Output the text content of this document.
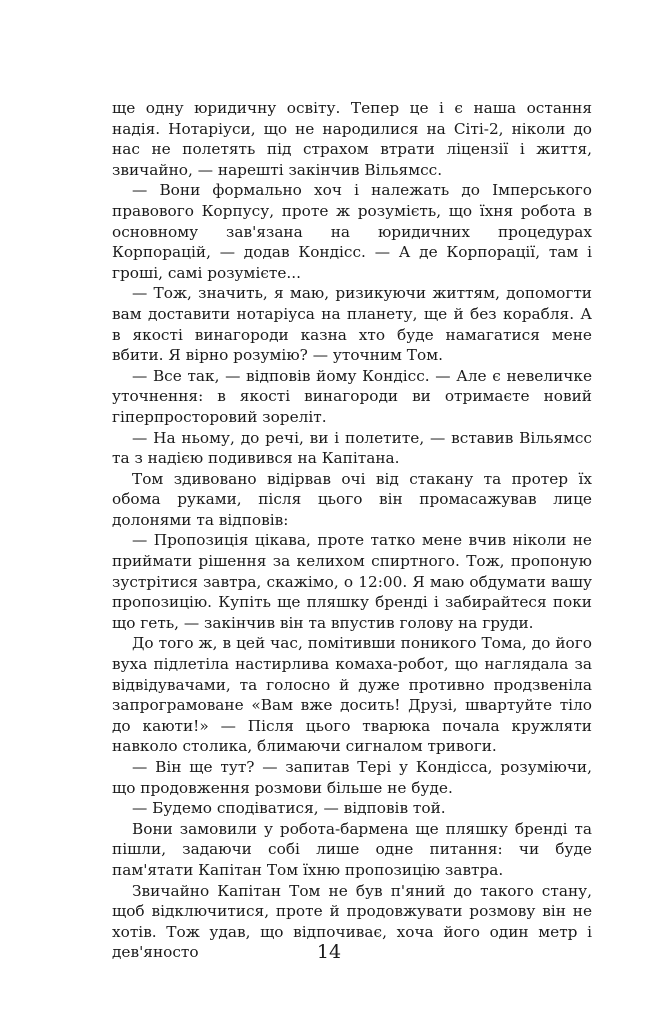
ще одну юридичну освіту. Тепер це і є наша остання надія. Нотаріуси, що не народилися на Сіті-2, ніколи до нас не полетять під страхом втрати ліцензії і життя, звичайно, — нарешті закінчив Вільямсс.

— Вони формально хоч і належать до Імперського правового Корпусу, проте ж розумієть, що їхня робота в основному зав'язана на юридичних процедурах Корпорацій, — додав Кондісс. — А де Корпорації, там і гроші, самі розумієте...

— Тож, значить, я маю, ризикуючи життям, допомогти вам доставити нотаріуса на планету, ще й без корабля. А в якості винагороди казна хто буде намагатися мене вбити. Я вірно розумію? — уточним Том.

— Все так, — відповів йому Кондісс. — Але є невеличке уточнення: в якості винагороди ви отримаєте новий гіперпросторовий зореліт.

— На ньому, до речі, ви і полетите, — вставив Вільямсс та з надією подивився на Капітана.

Том здивовано відірвав очі від стакану та протер їх обома руками, після цього він промасажував лице долонями та відповів:

— Пропозиція цікава, проте татко мене вчив ніколи не приймати рішення за келихом спиртного. Тож, пропоную зустрітися завтра, скажімо, о 12:00. Я маю обдумати вашу пропозицію. Купіть ще пляшку бренді і забирайтеся поки що геть, — закінчив він та впустив голову на груди.

До того ж, в цей час, помітивши поникого Тома, до його вуха підлетіла настирлива комаха-робот, що наглядала за відвідувачами, та голосно й дуже противно продзвеніла запрограмоване «Вам вже досить! Друзі, швартуйте тіло до каюти!» — Після цього тварюка почала кружляти навколо столика, блимаючи сигналом тривоги.

— Він ще тут? — запитав Тері у Кондісса, розуміючи, що продовження розмови більше не буде.

— Будемо сподіватися, — відповів той.

Вони замовили у робота-бармена ще пляшку бренді та пішли, задаючи собі лише одне питання: чи буде пам'ятати Капітан Том їхню пропозицію завтра.

Звичайно Капітан Том не був п'яний до такого стану, щоб відключитися, проте й продовжувати розмову він не хотів. Тож удав, що відпочиває, хоча його один метр і дев'яносто	14
